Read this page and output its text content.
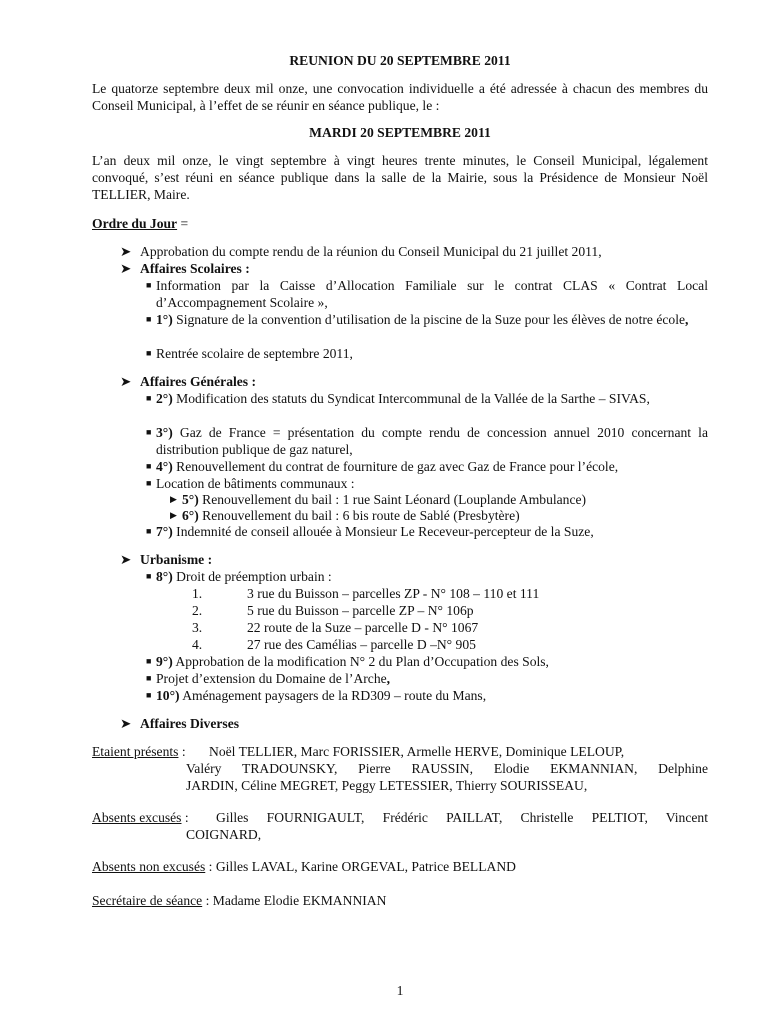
REUNION DU 20 SEPTEMBRE 2011
Le quatorze septembre deux mil onze, une convocation individuelle a été adressée à chacun des membres du Conseil Municipal, à l’effet de se réunir en séance publique, le :
MARDI 20 SEPTEMBRE 2011
L’an deux mil onze, le vingt septembre à vingt heures trente minutes, le Conseil Municipal, légalement convoqué, s’est réuni en séance publique dans la salle de la Mairie, sous la Présidence de Monsieur Noël TELLIER, Maire.
Ordre du Jour =
➤ Approbation du compte rendu de la réunion du Conseil Municipal du 21 juillet 2011,
➤ Affaires Scolaires :
■ Information par la Caisse d’Allocation Familiale sur le contrat CLAS « Contrat Local d’Accompagnement Scolaire »,
■ 1°) Signature de la convention d’utilisation de la piscine de la Suze pour les élèves de notre école,
■ Rentrée scolaire de septembre 2011,
➤ Affaires Générales :
■ 2°) Modification des statuts du Syndicat Intercommunal de la Vallée de la Sarthe – SIVAS,
■ 3°) Gaz de France = présentation du compte rendu de concession annuel 2010 concernant la distribution publique de gaz naturel,
■ 4°) Renouvellement du contrat de fourniture de gaz avec Gaz de France pour l’école,
■ Location de bâtiments communaux :
▶ 5°) Renouvellement du bail : 1 rue Saint Léonard (Louplande Ambulance)
▶ 6°) Renouvellement du bail : 6 bis route de Sablé (Presbytère)
■ 7°) Indemnité de conseil allouée à Monsieur Le Receveur-percepteur de la Suze,
➤ Urbanisme :
■ 8°) Droit de préemption urbain :
1.	3 rue du Buisson – parcelles ZP - N° 108 – 110 et 111
2.	5 rue du Buisson – parcelle ZP – N° 106p
3.	22 route de la Suze – parcelle D - N° 1067
4.	27 rue des Camélias – parcelle D –N° 905
■ 9°) Approbation de la modification N° 2 du Plan d’Occupation des Sols,
■ Projet d’extension du Domaine de l’Arche,
■ 10°) Aménagement paysagers de la RD309 – route du Mans,
➤ Affaires Diverses
Etaient présents : Noël TELLIER, Marc FORISSIER, Armelle HERVE, Dominique LELOUP,
Valéry TRADOUNSKY, Pierre RAUSSIN, Elodie EKMANNIAN, Delphine
JARDIN, Céline MEGRET, Peggy LETESSIER, Thierry SOURISSEAU,
Absents excusés : Gilles FOURNIGAULT, Frédéric PAILLAT, Christelle PELTIOT, Vincent
COIGNARD,
Absents non excusés : Gilles LAVAL, Karine ORGEVAL, Patrice BELLAND
Secrétaire de séance : Madame Elodie EKMANNIAN
1
